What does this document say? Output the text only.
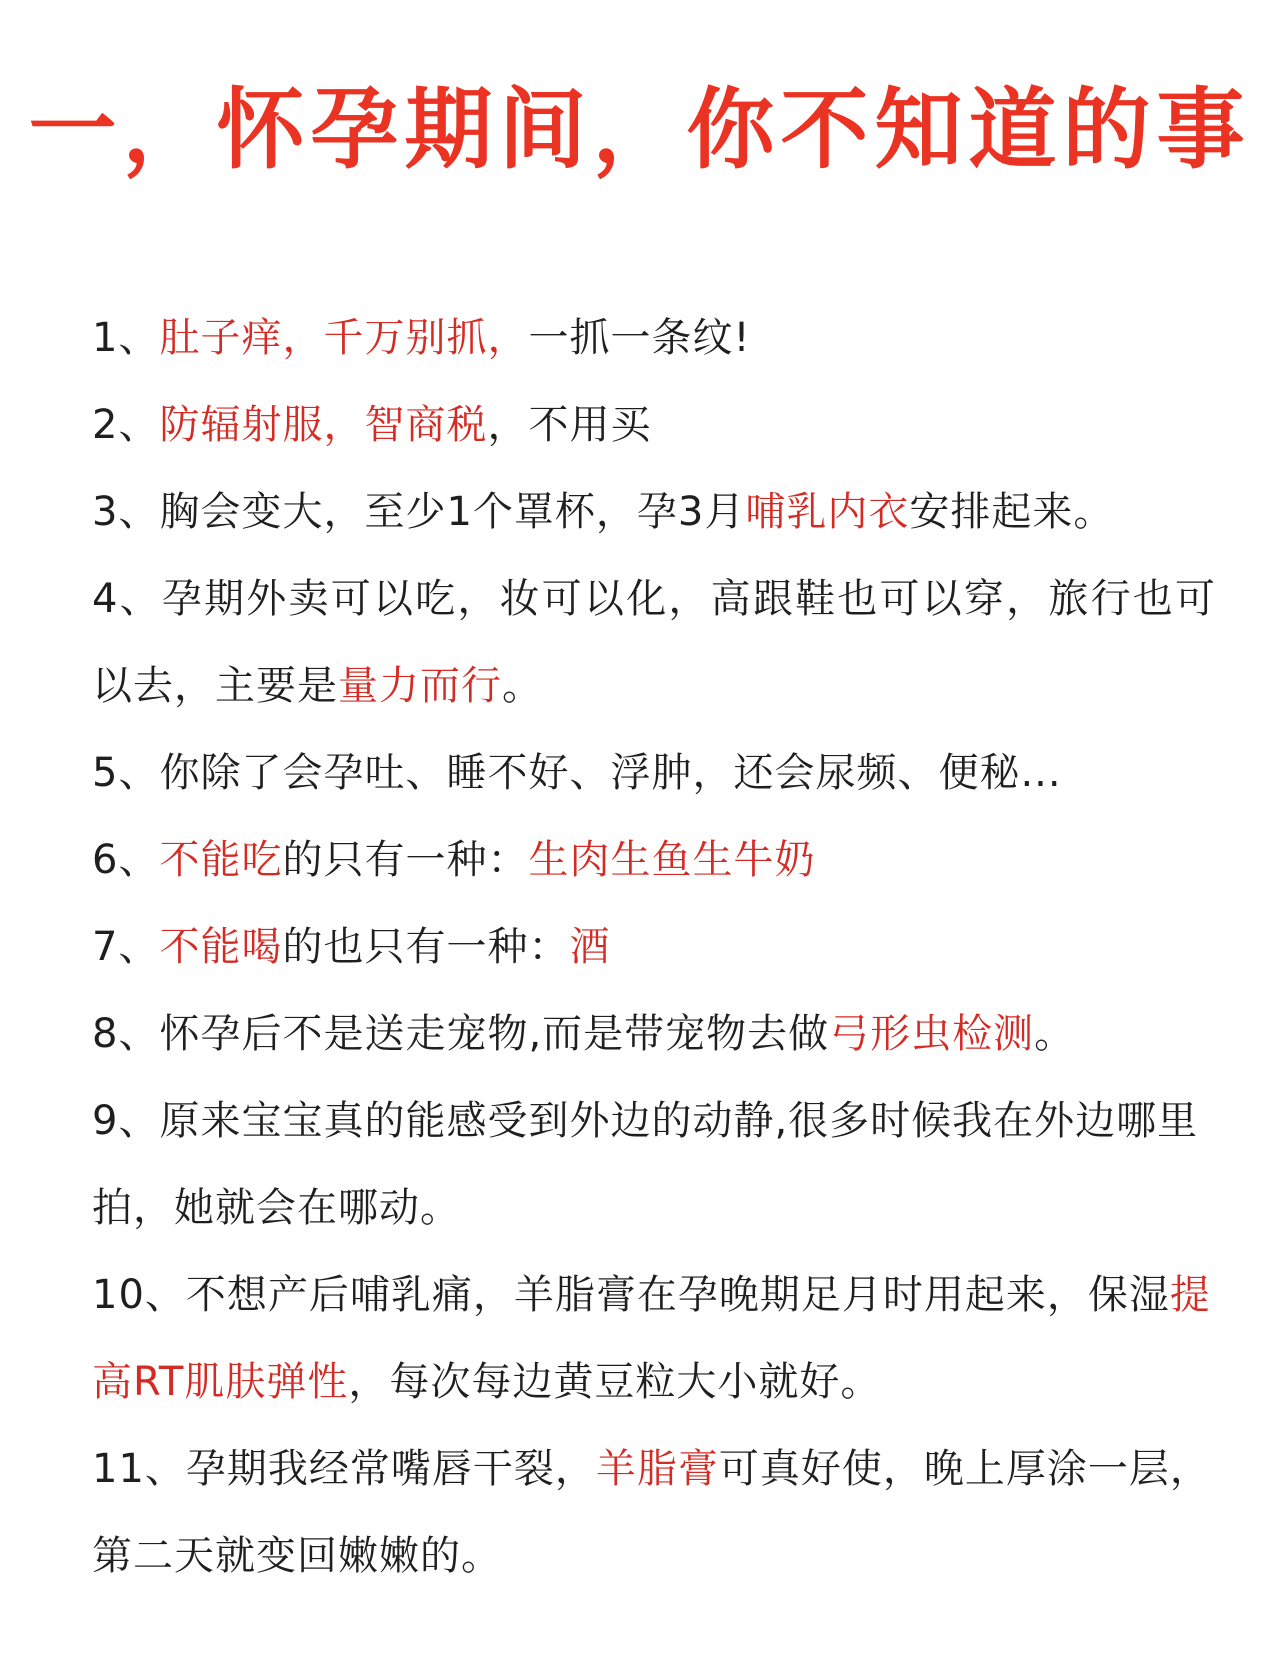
一，怀孕期间，你不知道的事
1、肚子痒，千万别抓，一抓一条纹!
2、防辐射服，智商税，不用买
3、胸会变大，至少1个罩杯，孕3月哺乳内衣安排起来。
4、孕期外卖可以吃，妆可以化，高跟鞋也可以穿，旅行也可以去，主要是量力而行。
5、你除了会孕吐、睡不好、浮肿，还会尿频、便秘...
6、不能吃的只有一种：生肉生鱼生牛奶
7、不能喝的也只有一种：酒
8、怀孕后不是送走宠物,而是带宠物去做弓形虫检测。
9、原来宝宝真的能感受到外边的动静,很多时候我在外边哪里拍，她就会在哪动。
10、不想产后哺乳痛，羊脂膏在孕晚期足月时用起来，保湿提高RT肌肤弹性，每次每边黄豆粒大小就好。
11、孕期我经常嘴唇干裂，羊脂膏可真好使，晚上厚涂一层，第二天就变回嫩嫩的。
